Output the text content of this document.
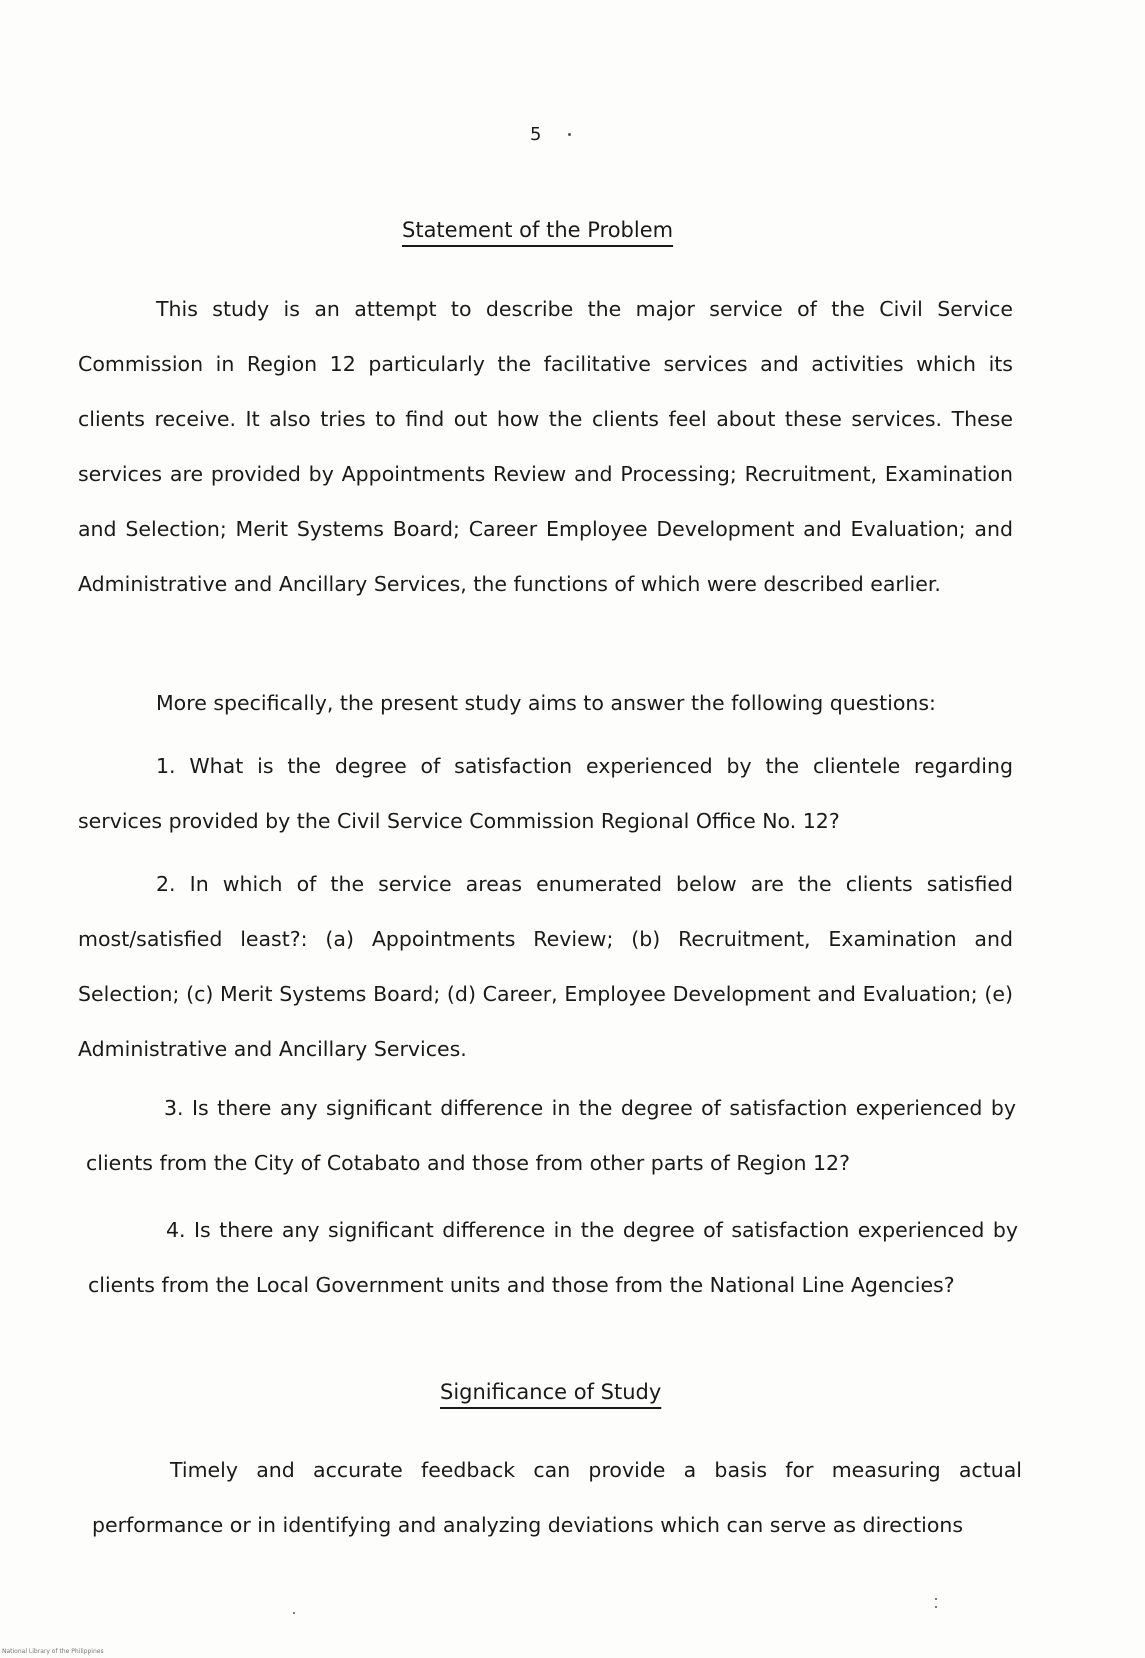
5
Statement of the Problem

This study is an attempt to describe the major service of the Civil Service Commission in Region 12 particularly the facilitative services and activities which its clients receive. It also tries to find out how the clients feel about these services. These services are provided by Appointments Review and Processing; Recruitment, Examination and Selection; Merit Systems Board; Career Employee Development and Evaluation; and Administrative and Ancillary Services, the functions of which were described earlier.

More specifically, the present study aims to answer the following questions:

1. What is the degree of satisfaction experienced by the clientele regarding services provided by the Civil Service Commission Regional Office No. 12?

2. In which of the service areas enumerated below are the clients satisfied most/satisfied least?: (a) Appointments Review; (b) Recruitment, Examination and Selection; (c) Merit Systems Board; (d) Career, Employee Development and Evaluation; (e) Administrative and Ancillary Services.

3. Is there any significant difference in the degree of satisfaction experienced by clients from the City of Cotabato and those from other parts of Region 12?

4. Is there any significant difference in the degree of satisfaction experienced by clients from the Local Government units and those from the National Line Agencies?

Significance of Study

Timely and accurate feedback can provide a basis for measuring actual performance or in identifying and analyzing deviations which can serve as directions

National Library of the Philippines
